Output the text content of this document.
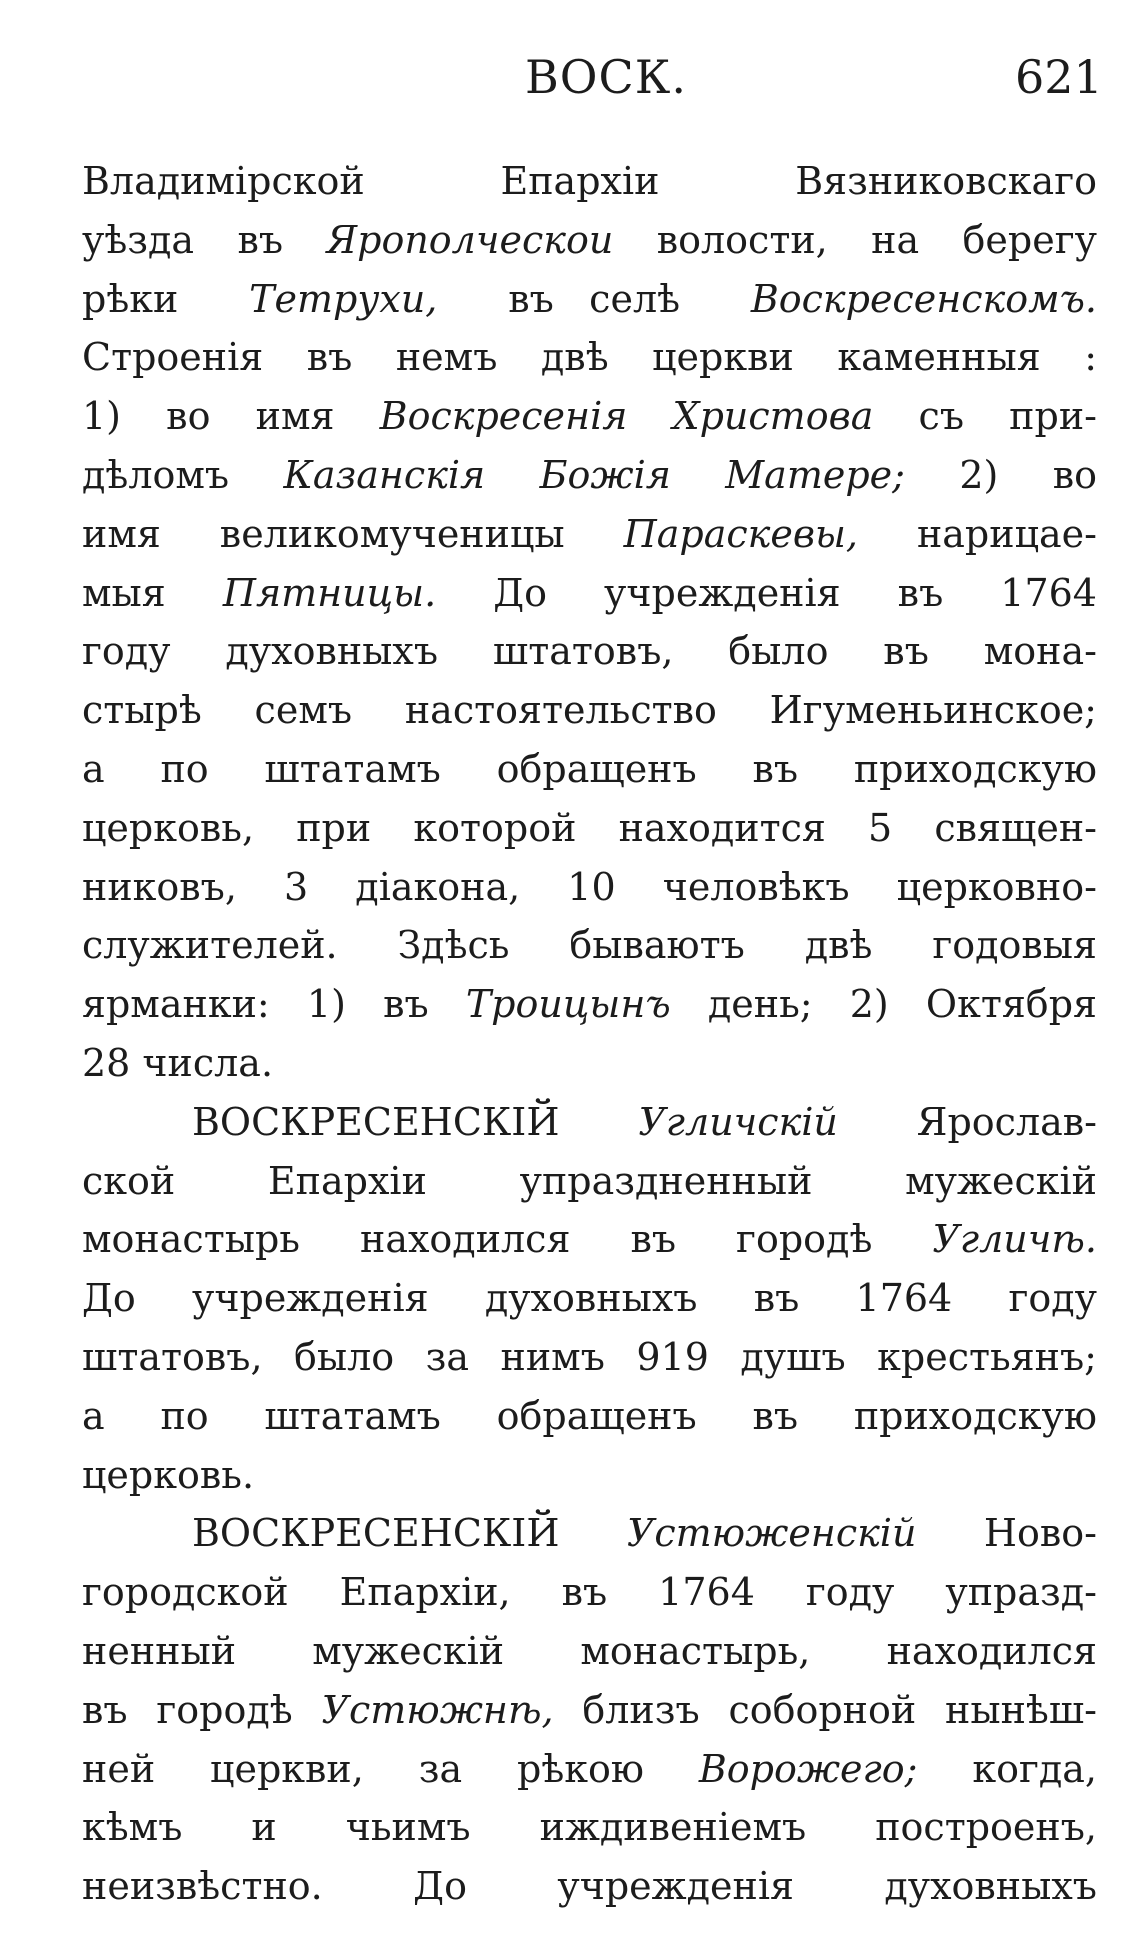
ВОСК.	621
Владимірской  Епархіи  Вязниковскаго
уѣзда въ Ярополческои волости, на берегу
рѣки  Тетрухи,  въ селѣ  Воскресенскомъ.
Строенія въ немъ двѣ церкви каменныя :
1) во имя Воскресенія Христова съ при-
дѣломъ Казанскія Божія Матере; 2) во
имя великомученицы Параскевы, нарицае-
мыя Пятницы. До учрежденія въ 1764
году духовныхъ штатовъ, было въ мона-
стырѣ семъ настоятельство Игуменьинское;
а по штатамъ обращенъ въ приходскую
церковь, при которой находится 5 священ-
никовъ, 3 діакона, 10 человѣкъ церковно-
служителей. Здѣсь бываютъ двѣ годовыя
ярманки: 1) въ Троицынъ день; 2) Октября
28 числа.
ВОСКРЕСЕНСКІЙ Угличскій Ярослав-
ской Епархіи упраздненный мужескій
монастырь находился въ городѣ Угличѣ.
До учрежденія духовныхъ въ 1764 году
штатовъ, было за нимъ 919 душъ крестьянъ;
а по штатамъ обращенъ въ приходскую
церковь.
ВОСКРЕСЕНСКІЙ Устюженскій Ново-
городской Епархіи, въ 1764 году упразд-
ненный мужескій монастырь, находился
въ городѣ Устюжнѣ, близъ соборной нынѣш-
ней церкви, за рѣкою Ворожего; когда,
кѣмъ и чьимъ иждивеніемъ построенъ,
неизвѣстно. До учрежденія духовныхъ
